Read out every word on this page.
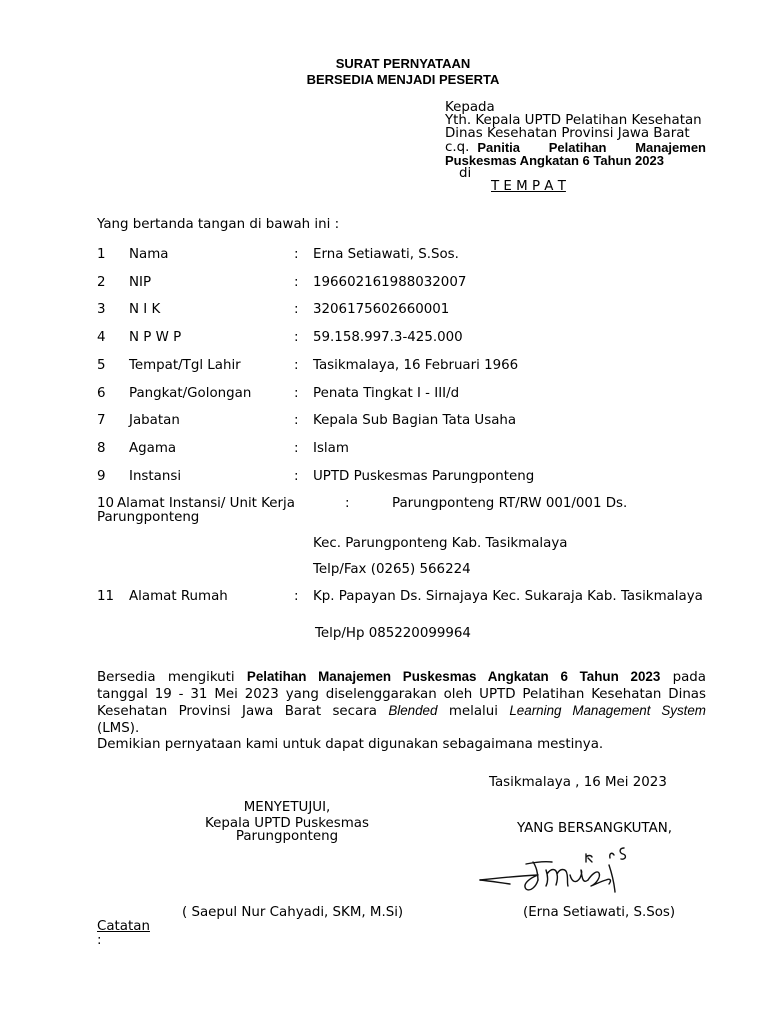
SURAT PERNYATAAN
BERSEDIA MENJADI PESERTA
Kepada
Yth. Kepala UPTD Pelatihan Kesehatan
Dinas Kesehatan Provinsi Jawa Barat
c.q. Panitia Pelatihan Manajemen
Puskesmas Angkatan 6 Tahun 2023
di
T E M P A T
Yang bertanda tangan di bawah ini :
1 Nama	: Erna Setiawati, S.Sos.
2 NIP	: 196602161988032007
3 N I K	: 3206175602660001
4 N P W P	: 59.158.997.3-425.000
5 Tempat/Tgl Lahir	: Tasikmalaya, 16 Februari 1966
6 Pangkat/Golongan	: Penata Tingkat I - III/d
7 Jabatan	: Kepala Sub Bagian Tata Usaha
8 Agama	: Islam
9 Instansi	: UPTD Puskesmas Parungponteng
10 Alamat Instansi/ Unit Kerja	:	Parungponteng RT/RW 001/001 Ds.
Parungponteng
Kec. Parungponteng Kab. Tasikmalaya
Telp/Fax (0265) 566224
11 Alamat Rumah	: Kp. Papayan Ds. Sirnajaya Kec. Sukaraja Kab. Tasikmalaya
Telp/Hp 085220099964
Bersedia mengikuti Pelatihan Manajemen Puskesmas Angkatan 6 Tahun 2023 pada
tanggal 19 - 31 Mei 2023 yang diselenggarakan oleh UPTD Pelatihan Kesehatan Dinas
Kesehatan Provinsi Jawa Barat secara Blended melalui Learning Management System
(LMS).
Demikian pernyataan kami untuk dapat digunakan sebagaimana mestinya.
Tasikmalaya , 16 Mei 2023
MENYETUJUI,
Kepala UPTD Puskesmas
Parungponteng
YANG BERSANGKUTAN,
( Saepul Nur Cahyadi, SKM, M.Si)	(Erna Setiawati, S.Sos)
Catatan
:
